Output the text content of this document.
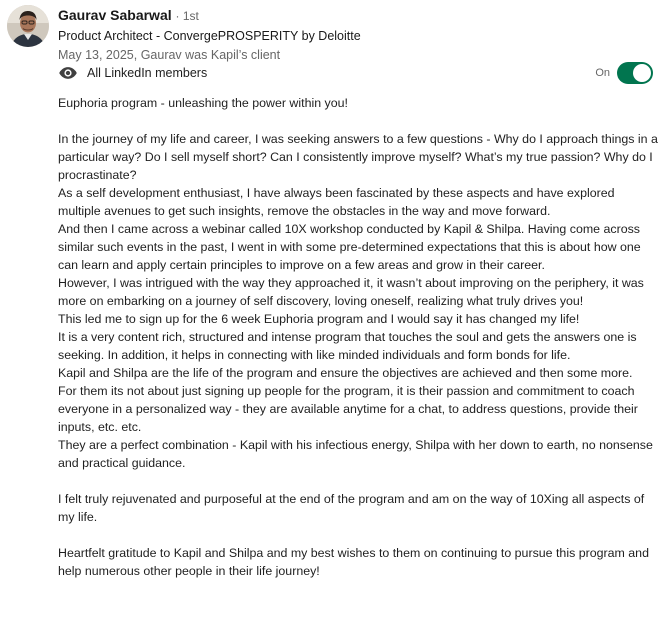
Gaurav Sabarwal · 1st
Product Architect - ConvergePROSPERITY by Deloitte
May 13, 2025, Gaurav was Kapil’s client
All LinkedIn members	On

Euphoria program - unleashing the power within you!

In the journey of my life and career, I was seeking answers to a few questions - Why do I approach things in a particular way? Do I sell myself short? Can I consistently improve myself? What’s my true passion? Why do I procrastinate?

As a self development enthusiast, I have always been fascinated by these aspects and have explored multiple avenues to get such insights, remove the obstacles in the way and move forward.

And then I came across a webinar called 10X workshop conducted by Kapil & Shilpa. Having come across similar such events in the past, I went in with some pre-determined expectations that this is about how one can learn and apply certain principles to improve on a few areas and grow in their career.

However, I was intrigued with the way they approached it, it wasn’t about improving on the periphery, it was more on embarking on a journey of self discovery, loving oneself, realizing what truly drives you!

This led me to sign up for the 6 week Euphoria program and I would say it has changed my life!

It is a very content rich, structured and intense program that touches the soul and gets the answers one is seeking. In addition, it helps in connecting with like minded individuals and form bonds for life.

Kapil and Shilpa are the life of the program and ensure the objectives are achieved and then some more.

For them its not about just signing up people for the program, it is their passion and commitment to coach everyone in a personalized way - they are available anytime for a chat, to address questions, provide their inputs, etc. etc.

They are a perfect combination - Kapil with his infectious energy, Shilpa with her down to earth, no nonsense and practical guidance.

I felt truly rejuvenated and purposeful at the end of the program and am on the way of 10Xing all aspects of my life.

Heartfelt gratitude to Kapil and Shilpa and my best wishes to them on continuing to pursue this program and help numerous other people in their life journey!
